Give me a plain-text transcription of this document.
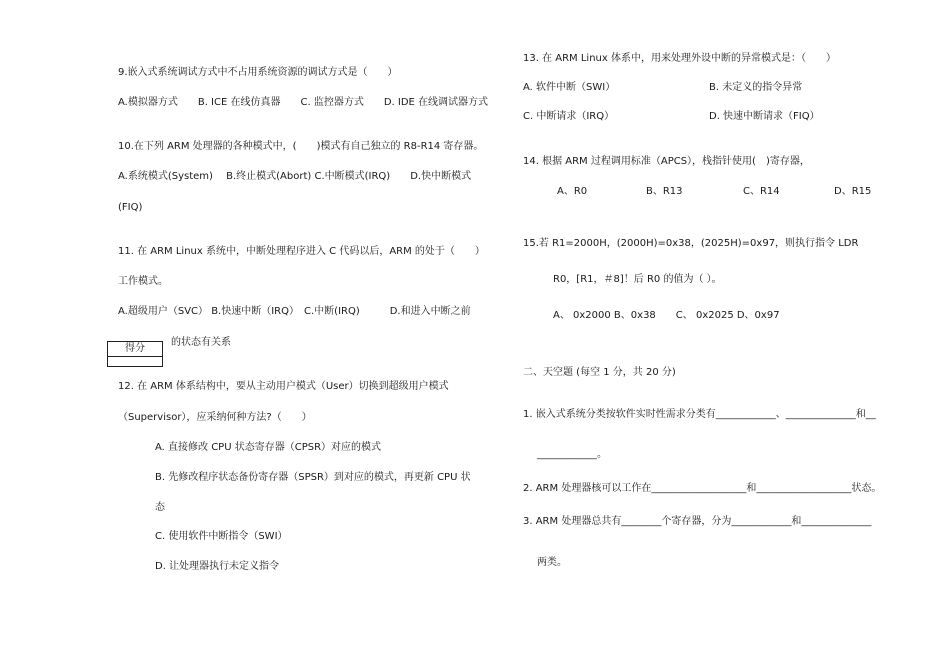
9.嵌入式系统调试方式中不占用系统资源的调试方式是（　　）
A.模拟器方式　　B. ICE 在线仿真器　　C. 监控器方式　　D. IDE 在线调试器方式
10.在下列 ARM 处理器的各种模式中，(　　)模式有自己独立的 R8-R14 寄存器。
A.系统模式(System)　 B.终止模式(Abort) C.中断模式(IRQ)　　D.快中断模式
(FIQ)
11. 在 ARM Linux 系统中，中断处理程序进入 C 代码以后，ARM 的处于（　　）
工作模式。
A.超级用户（SVC） B.快速中断（IRQ）　C.中断(IRQ)　　　D.和进入中断之前
的状态有关系
得分
12. 在 ARM 体系结构中，要从主动用户模式（User）切换到超级用户模式
（Supervisor），应采纳何种方法?（　　）
A. 直接修改 CPU 状态寄存器（CPSR）对应的模式
B. 先修改程序状态备份寄存器（SPSR）到对应的模式，再更新 CPU 状
态
C. 使用软件中断指令（SWI）
D. 让处理器执行未定义指令
13. 在 ARM Linux 体系中，用来处理外设中断的异常模式是：（　　）
A. 软件中断（SWI）	B. 未定义的指令异常
C. 中断请求（IRQ）	D. 快速中断请求（FIQ）
14. 根据 ARM 过程调用标准（APCS），栈指针使用(　)寄存器，
A、R0	B、R13	C、R14	D、R15
15.若 R1=2000H，(2000H)=0x38，(2025H)=0x97，则执行指令 LDR
R0，[R1，＃8]！后 R0 的值为（ ）。
A、 0x2000 B、0x38　　C、 0x2025 D、0x97
二、天空题 (每空 1 分，共 20 分)
1. 嵌入式系统分类按软件实时性需求分类有____________、______________和__
____________。
2. ARM 处理器核可以工作在___________________和___________________状态。
3. ARM 处理器总共有________个寄存器，分为____________和______________
两类。
